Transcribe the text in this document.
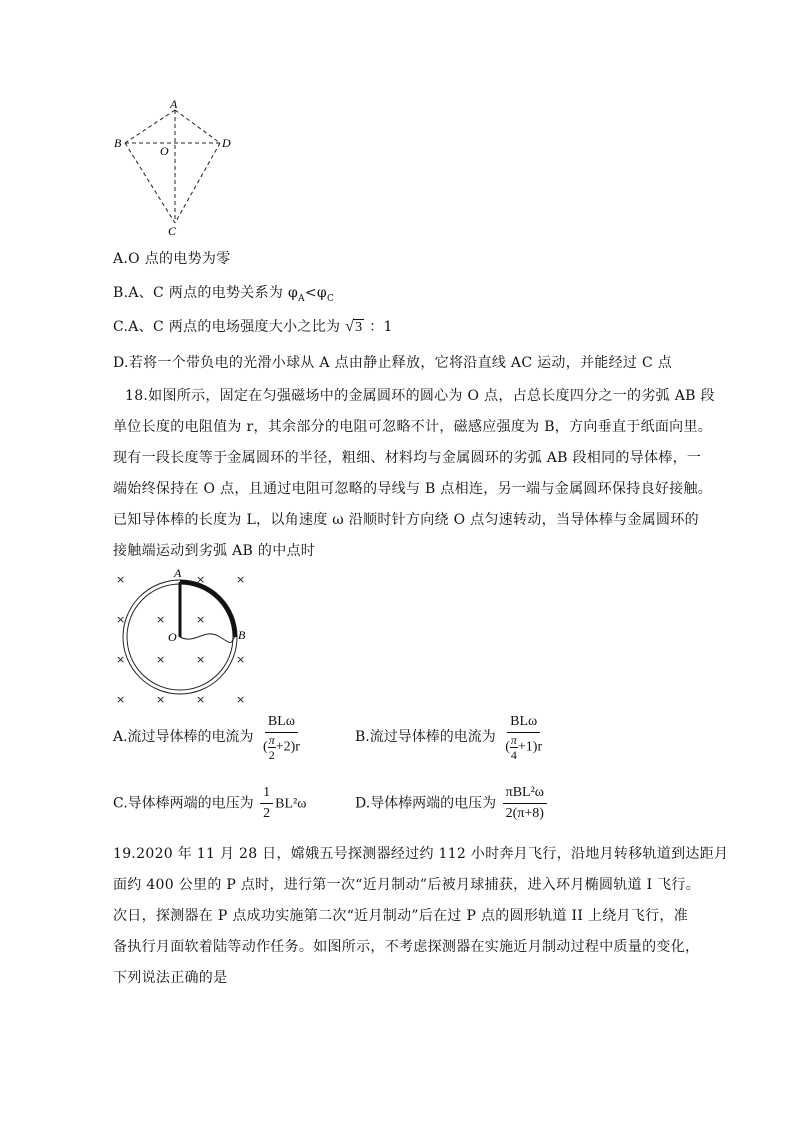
A
B
O
D
C
A.O 点的电势为零
B.A、C 两点的电势关系为 $\varphi_A<\varphi_C$
C.A、C 两点的电场强度大小之比为 √ 3 ：1
D.若将一个带负电的光滑小球从 A 点由静止释放，它将沿直线 AC 运动，并能经过 C 点
18.如图所示，固定在匀强磁场中的金属圆环的圆心为 O 点，占总长度四分之一的劣弧 AB 段
单位长度的电阻值为 r，其余部分的电阻可忽略不计，磁感应强度为 B，方向垂直于纸面向里。
现有一段长度等于金属圆环的半径，粗细、材料均与金属圆环的劣弧 AB 段相同的导体棒，一
端始终保持在 O 点，且通过电阻可忽略的导线与 B 点相连，另一端与金属圆环保持良好接触。
已知导体棒的长度为 L，以角速度 ω 沿顺时针方向绕 O 点匀速转动，当导体棒与金属圆环的
接触端运动到劣弧 AB 的中点时
A
B
O
×	×	×
×	×	×
×	×	×	×
×	×	×	×
A.流过导体棒的电流为 $\frac{\text{BLω}}{( \frac{\pi}{2} +2)r}$	B.流过导体棒的电流为 $\frac{\text{BLω}}{( \frac{\pi}{4} +1)r}$
C.导体棒两端的电压为 $\frac{1}{2} BL^2\omega$	D.导体棒两端的电压为 $\frac{\text{πBL²ω}}{2(\pi+8)}$
19.2020 年 11 月 28 日，嫦娥五号探测器经过约 112 小时奔月飞行，沿地月转移轨道到达距月
面约 400 公里的 P 点时，进行第一次“近月制动”后被月球捕获，进入环月椭圆轨道 I 飞行。
次日，探测器在 P 点成功实施第二次“近月制动”后在过 P 点的圆形轨道 II 上绕月飞行，准
备执行月面软着陆等动作任务。如图所示，不考虑探测器在实施近月制动过程中质量的变化，
下列说法正确的是
